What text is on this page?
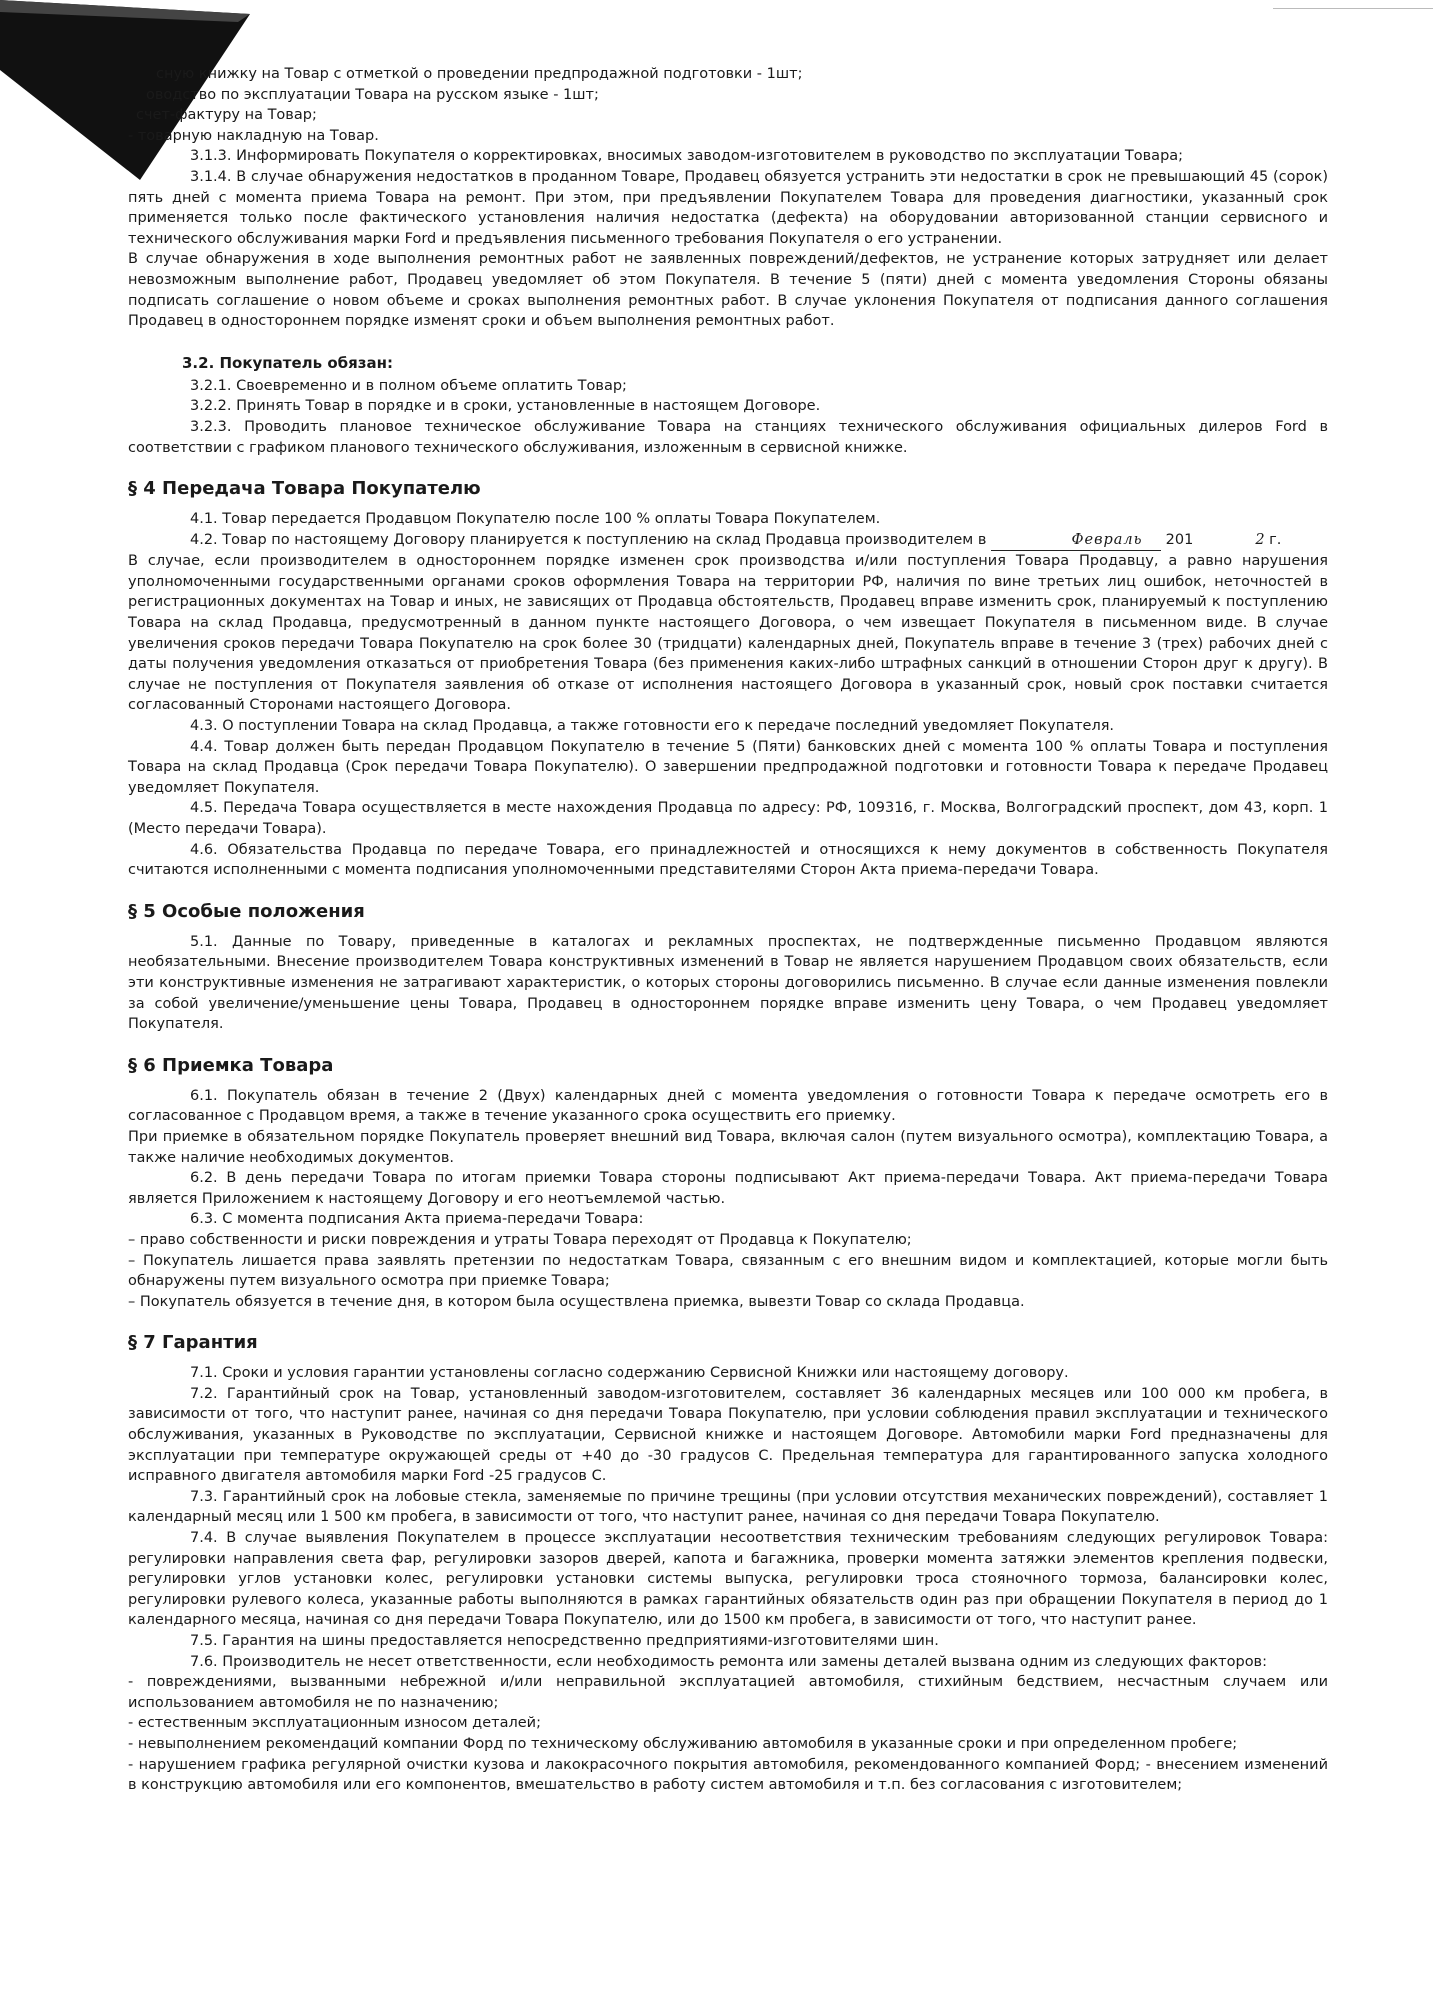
сную книжку на Товар с отметкой о проведении предпродажной подготовки - 1шт;

оводство по эксплуатации Товара на русском языке - 1шт;

счет-фактуру на Товар;

- товарную накладную на Товар.

3.1.3. Информировать Покупателя о корректировках, вносимых заводом-изготовителем в руководство по эксплуатации Товара;

3.1.4. В случае обнаружения недостатков в проданном Товаре, Продавец обязуется устранить эти недостатки в срок не превышающий 45 (сорок) пять дней с момента приема Товара на ремонт. При этом, при предъявлении Покупателем Товара для проведения диагностики, указанный срок применяется только после фактического установления наличия недостатка (дефекта) на оборудовании авторизованной станции сервисного и технического обслуживания марки Ford и предъявления письменного требования Покупателя о его устранении.

В случае обнаружения в ходе выполнения ремонтных работ не заявленных повреждений/дефектов, не устранение которых затрудняет или делает невозможным выполнение работ, Продавец уведомляет об этом Покупателя. В течение 5 (пяти) дней с момента уведомления Стороны обязаны подписать соглашение о новом объеме и сроках выполнения ремонтных работ. В случае уклонения Покупателя от подписания данного соглашения Продавец в одностороннем порядке изменят сроки и объем выполнения ремонтных работ.

3.2. Покупатель обязан:

3.2.1. Своевременно и в полном объеме оплатить Товар;

3.2.2. Принять Товар в порядке и в сроки, установленные в настоящем Договоре.

3.2.3. Проводить плановое техническое обслуживание Товара на станциях технического обслуживания официальных дилеров Ford в соответствии с графиком планового технического обслуживания, изложенным в сервисной книжке.

§ 4 Передача Товара Покупателю

4.1. Товар передается Продавцом Покупателю после 100 % оплаты Товара Покупателем.

4.2. Товар по настоящему Договору планируется к поступлению на склад Продавца производителем в	Февраль 201	2 г.

В случае, если производителем в одностороннем порядке изменен срок производства и/или поступления Товара Продавцу, а равно нарушения уполномоченными государственными органами сроков оформления Товара на территории РФ, наличия по вине третьих лиц ошибок, неточностей в регистрационных документах на Товар и иных, не зависящих от Продавца обстоятельств, Продавец вправе изменить срок, планируемый к поступлению Товара на склад Продавца, предусмотренный в данном пункте настоящего Договора, о чем извещает Покупателя в письменном виде. В случае увеличения сроков передачи Товара Покупателю на срок более 30 (тридцати) календарных дней, Покупатель вправе в течение 3 (трех) рабочих дней с даты получения уведомления отказаться от приобретения Товара (без применения каких-либо штрафных санкций в отношении Сторон друг к другу). В случае не поступления от Покупателя заявления об отказе от исполнения настоящего Договора в указанный срок, новый срок поставки считается согласованный Сторонами настоящего Договора.

4.3. О поступлении Товара на склад Продавца, а также готовности его к передаче последний уведомляет Покупателя.

4.4. Товар должен быть передан Продавцом Покупателю в течение 5 (Пяти) банковских дней с момента 100 % оплаты Товара и поступления Товара на склад Продавца (Срок передачи Товара Покупателю). О завершении предпродажной подготовки и готовности Товара к передаче Продавец уведомляет Покупателя.

4.5. Передача Товара осуществляется в месте нахождения Продавца по адресу: РФ, 109316, г. Москва, Волгоградский проспект, дом 43, корп. 1 (Место передачи Товара).

4.6. Обязательства Продавца по передаче Товара, его принадлежностей и относящихся к нему документов в собственность Покупателя считаются исполненными с момента подписания уполномоченными представителями Сторон Акта приема-передачи Товара.

§ 5 Особые положения

5.1. Данные по Товару, приведенные в каталогах и рекламных проспектах, не подтвержденные письменно Продавцом являются необязательными. Внесение производителем Товара конструктивных изменений в Товар не является нарушением Продавцом своих обязательств, если эти конструктивные изменения не затрагивают характеристик, о которых стороны договорились письменно. В случае если данные изменения повлекли за собой увеличение/уменьшение цены Товара, Продавец в одностороннем порядке вправе изменить цену Товара, о чем Продавец уведомляет Покупателя.

§ 6 Приемка Товара

6.1. Покупатель обязан в течение 2 (Двух) календарных дней с момента уведомления о готовности Товара к передаче осмотреть его в согласованное с Продавцом время, а также в течение указанного срока осуществить его приемку.

При приемке в обязательном порядке Покупатель проверяет внешний вид Товара, включая салон (путем визуального осмотра), комплектацию Товара, а также наличие необходимых документов.

6.2. В день передачи Товара по итогам приемки Товара стороны подписывают Акт приема-передачи Товара. Акт приема-передачи Товара является Приложением к настоящему Договору и его неотъемлемой частью.

6.3. С момента подписания Акта приема-передачи Товара:

– право собственности и риски повреждения и утраты Товара переходят от Продавца к Покупателю;

– Покупатель лишается права заявлять претензии по недостаткам Товара, связанным с его внешним видом и комплектацией, которые могли быть обнаружены путем визуального осмотра при приемке Товара;

– Покупатель обязуется в течение дня, в котором была осуществлена приемка, вывезти Товар со склада Продавца.

§ 7 Гарантия

7.1. Сроки и условия гарантии установлены согласно содержанию Сервисной Книжки или настоящему договору.

7.2. Гарантийный срок на Товар, установленный заводом-изготовителем, составляет 36 календарных месяцев или 100 000 км пробега, в зависимости от того, что наступит ранее, начиная со дня передачи Товара Покупателю, при условии соблюдения правил эксплуатации и технического обслуживания, указанных в Руководстве по эксплуатации, Сервисной книжке и настоящем Договоре. Автомобили марки Ford предназначены для эксплуатации при температуре окружающей среды от +40 до -30 градусов С. Предельная температура для гарантированного запуска холодного исправного двигателя автомобиля марки Ford -25 градусов С.

7.3. Гарантийный срок на лобовые стекла, заменяемые по причине трещины (при условии отсутствия механических повреждений), составляет 1 календарный месяц или 1 500 км пробега, в зависимости от того, что наступит ранее, начиная со дня передачи Товара Покупателю.

7.4. В случае выявления Покупателем в процессе эксплуатации несоответствия техническим требованиям следующих регулировок Товара: регулировки направления света фар, регулировки зазоров дверей, капота и багажника, проверки момента затяжки элементов крепления подвески, регулировки углов установки колес, регулировки установки системы выпуска, регулировки троса стояночного тормоза, балансировки колес, регулировки рулевого колеса, указанные работы выполняются в рамках гарантийных обязательств один раз при обращении Покупателя в период до 1 календарного месяца, начиная со дня передачи Товара Покупателю, или до 1500 км пробега, в зависимости от того, что наступит ранее.

7.5. Гарантия на шины предоставляется непосредственно предприятиями-изготовителями шин.

7.6. Производитель не несет ответственности, если необходимость ремонта или замены деталей вызвана одним из следующих факторов:

- повреждениями, вызванными небрежной и/или неправильной эксплуатацией автомобиля, стихийным бедствием, несчастным случаем или использованием автомобиля не по назначению;

- естественным эксплуатационным износом деталей;

- невыполнением рекомендаций компании Форд по техническому обслуживанию автомобиля в указанные сроки и при определенном пробеге;

- нарушением графика регулярной очистки кузова и лакокрасочного покрытия автомобиля, рекомендованного компанией Форд; - внесением изменений в конструкцию автомобиля или его компонентов, вмешательство в работу систем автомобиля и т.п. без согласования с изготовителем;
